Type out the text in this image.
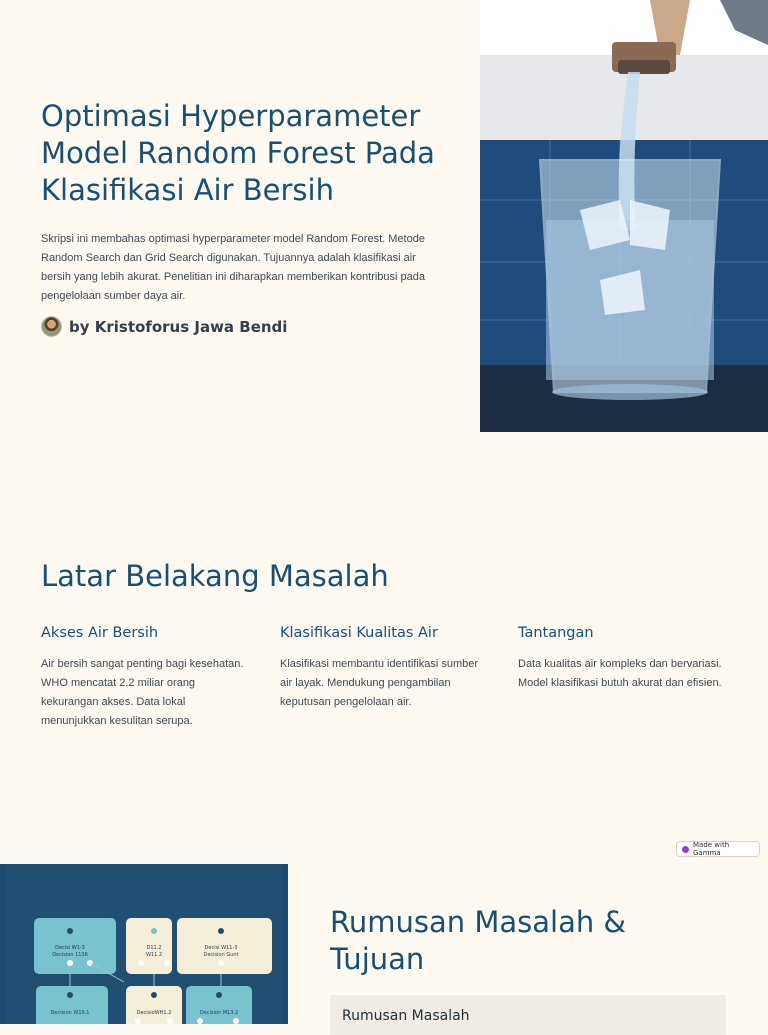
Optimasi Hyperparameter Model Random Forest Pada Klasifikasi Air Bersih

Skripsi ini membahas optimasi hyperparameter model Random Forest. Metode Random Search dan Grid Search digunakan. Tujuannya adalah klasifikasi air bersih yang lebih akurat. Penelitian ini diharapkan memberikan kontribusi pada pengelolaan sumber daya air.

by Kristoforus Jawa Bendi
Latar Belakang Masalah
Akses Air Bersih

Air bersih sangat penting bagi kesehatan. WHO mencatat 2.2 miliar orang kekurangan akses. Data lokal menunjukkan kesulitan serupa.

Klasifikasi Kualitas Air

Klasifikasi membantu identifikasi sumber air layak. Mendukung pengambilan keputusan pengelolaan air.

Tantangan

Data kualitas air kompleks dan bervariasi. Model klasifikasi butuh akurat dan efisien.

Made with Gamma
Decisi W1-3
Decision 1136
D11.2
W11.2
Decisi W11-3
Decision Gunt
Decision W19.1	DecisioWH1.2	Decision M13.2
Rumusan Masalah & Tujuan
Rumusan Masalah
